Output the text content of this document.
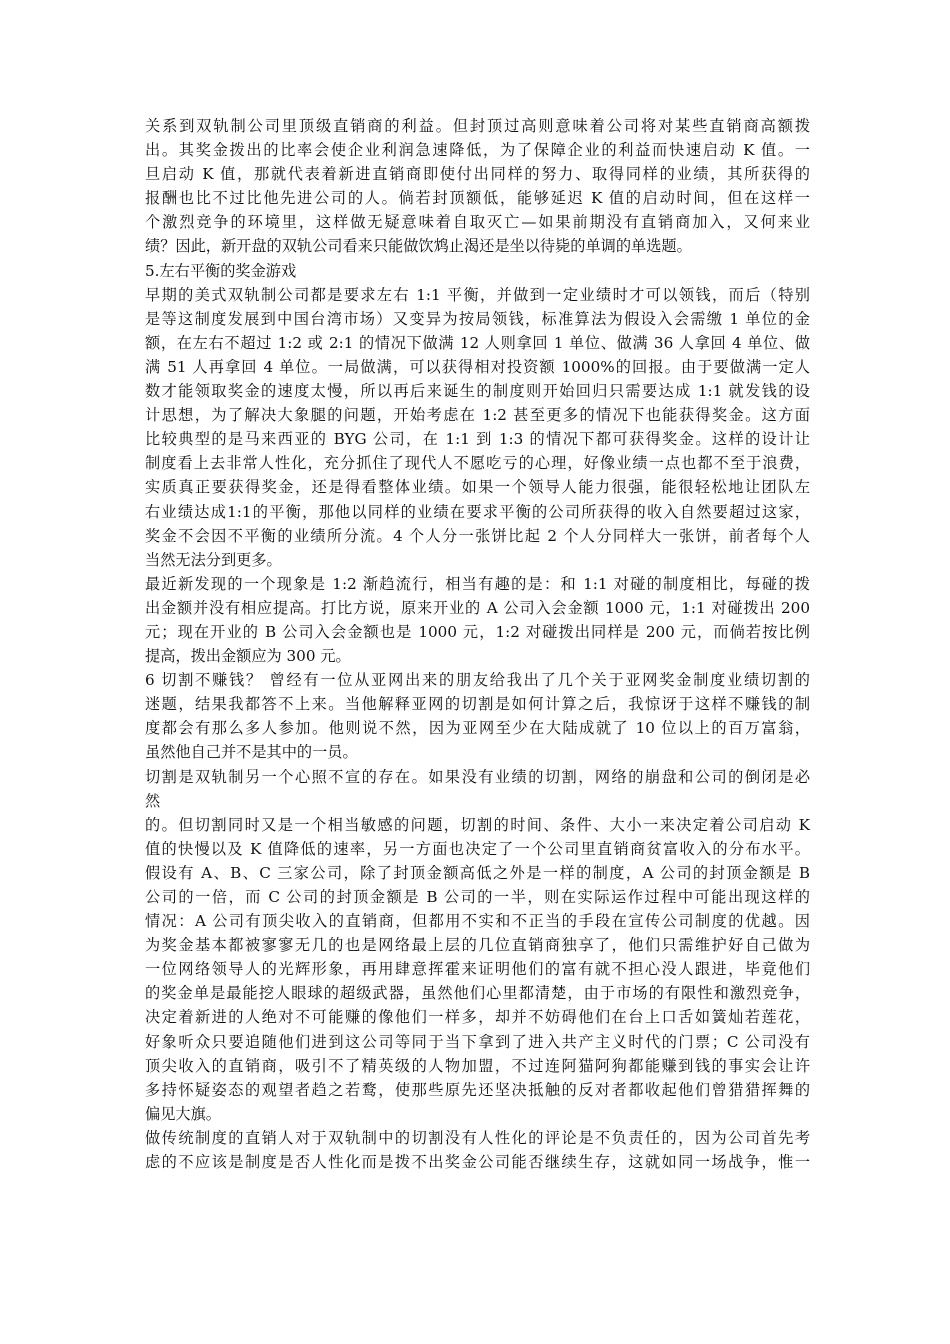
关系到双轨制公司里顶级直销商的利益。但封顶过高则意味着公司将对某些直销商高额拨
出。其奖金拨出的比率会使企业利润急速降低，为了保障企业的利益而快速启动 K 值。一
旦启动 K 值，那就代表着新进直销商即使付出同样的努力、取得同样的业绩，其所获得的
报酬也比不过比他先进公司的人。倘若封顶额低，能够延迟 K 值的启动时间，但在这样一
个激烈竞争的环境里，这样做无疑意味着自取灭亡—如果前期没有直销商加入，又何来业
绩？因此，新开盘的双轨公司看来只能做饮鸩止渴还是坐以待毙的单调的单选题。
5.左右平衡的奖金游戏
早期的美式双轨制公司都是要求左右 1:1 平衡，并做到一定业绩时才可以领钱，而后（特别
是等这制度发展到中国台湾市场）又变异为按局领钱，标准算法为假设入会需缴 1 单位的金
额，在左右不超过 1:2 或 2:1 的情况下做满 12 人则拿回 1 单位、做满 36 人拿回 4 单位、做
满 51 人再拿回 4 单位。一局做满，可以获得相对投资额 1000%的回报。由于要做满一定人
数才能领取奖金的速度太慢，所以再后来诞生的制度则开始回归只需要达成 1:1 就发钱的设
计思想，为了解决大象腿的问题，开始考虑在 1:2 甚至更多的情况下也能获得奖金。这方面
比较典型的是马来西亚的 BYG 公司，在 1:1 到 1:3 的情况下都可获得奖金。这样的设计让
制度看上去非常人性化，充分抓住了现代人不愿吃亏的心理，好像业绩一点也都不至于浪费，
实质真正要获得奖金，还是得看整体业绩。如果一个领导人能力很强，能很轻松地让团队左
右业绩达成1:1的平衡，那他以同样的业绩在要求平衡的公司所获得的收入自然要超过这家，
奖金不会因不平衡的业绩所分流。4 个人分一张饼比起 2 个人分同样大一张饼，前者每个人
当然无法分到更多。
最近新发现的一个现象是 1:2 渐趋流行，相当有趣的是：和 1:1 对碰的制度相比，每碰的拨
出金额并没有相应提高。打比方说，原来开业的 A 公司入会金额 1000 元，1:1 对碰拨出 200
元；现在开业的 B 公司入会金额也是 1000 元，1:2 对碰拨出同样是 200 元，而倘若按比例
提高，拨出金额应为 300 元。
6 切割不赚钱？ 曾经有一位从亚网出来的朋友给我出了几个关于亚网奖金制度业绩切割的
迷题，结果我都答不上来。当他解释亚网的切割是如何计算之后，我惊讶于这样不赚钱的制
度都会有那么多人参加。他则说不然，因为亚网至少在大陆成就了 10 位以上的百万富翁，
虽然他自己并不是其中的一员。
切割是双轨制另一个心照不宣的存在。如果没有业绩的切割，网络的崩盘和公司的倒闭是必
然
的。但切割同时又是一个相当敏感的问题，切割的时间、条件、大小一来决定着公司启动 K
值的快慢以及 K 值降低的速率，另一方面也决定了一个公司里直销商贫富收入的分布水平。
假设有 A、B、C 三家公司，除了封顶金额高低之外是一样的制度，A 公司的封顶金额是 B
公司的一倍，而 C 公司的封顶金额是 B 公司的一半，则在实际运作过程中可能出现这样的
情况：A 公司有顶尖收入的直销商，但都用不实和不正当的手段在宣传公司制度的优越。因
为奖金基本都被寥寥无几的也是网络最上层的几位直销商独享了，他们只需维护好自己做为
一位网络领导人的光辉形象，再用肆意挥霍来证明他们的富有就不担心没人跟进，毕竟他们
的奖金单是最能挖人眼球的超级武器，虽然他们心里都清楚，由于市场的有限性和激烈竞争，
决定着新进的人绝对不可能赚的像他们一样多，却并不妨碍他们在台上口舌如簧灿若莲花，
好象听众只要追随他们进到这公司等同于当下拿到了进入共产主义时代的门票；C 公司没有
顶尖收入的直销商，吸引不了精英级的人物加盟，不过连阿猫阿狗都能赚到钱的事实会让许
多持怀疑姿态的观望者趋之若鹜，使那些原先还坚决抵触的反对者都收起他们曾猎猎挥舞的
偏见大旗。
做传统制度的直销人对于双轨制中的切割没有人性化的评论是不负责任的，因为公司首先考
虑的不应该是制度是否人性化而是拨不出奖金公司能否继续生存，这就如同一场战争，惟一
